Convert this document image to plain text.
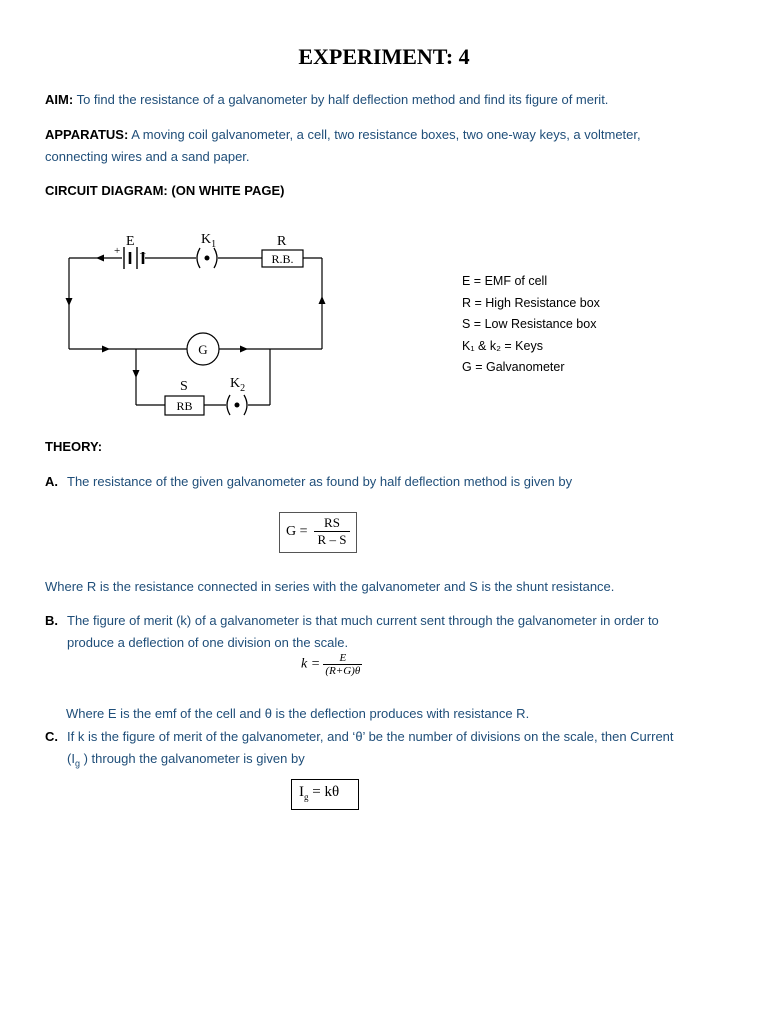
EXPERIMENT: 4
AIM: To find the resistance of a galvanometer by half deflection method and find its figure of merit.
APPARATUS: A moving coil galvanometer, a cell, two resistance boxes, two one-way keys, a voltmeter,
connecting wires and a sand paper.
CIRCUIT DIAGRAM: (ON WHITE PAGE)
E
+ –
$K_1$	R
R.B.
G
S
RB
$K_2$
E = EMF of cell
R = High Resistance box
S = Low Resistance box
K₁ & k₂ = Keys
G = Galvanometer
THEORY:
A. The resistance of the given galvanometer as found by half deflection method is given by
$G = \frac{RS}{R - S}$
Where R is the resistance connected in series with the galvanometer and S is the shunt resistance.
B. The figure of merit (k) of a galvanometer is that much current sent through the galvanometer in order to
produce a deflection of one division on the scale.
$k = \frac{E}{(R+G)\theta}$
Where E is the emf of the cell and θ is the deflection produces with resistance R.
C. If k is the figure of merit of the galvanometer, and ‘θ’ be the number of divisions on the scale, then Current
($I_g$ ) through the galvanometer is given by
$I_g = k\theta$
